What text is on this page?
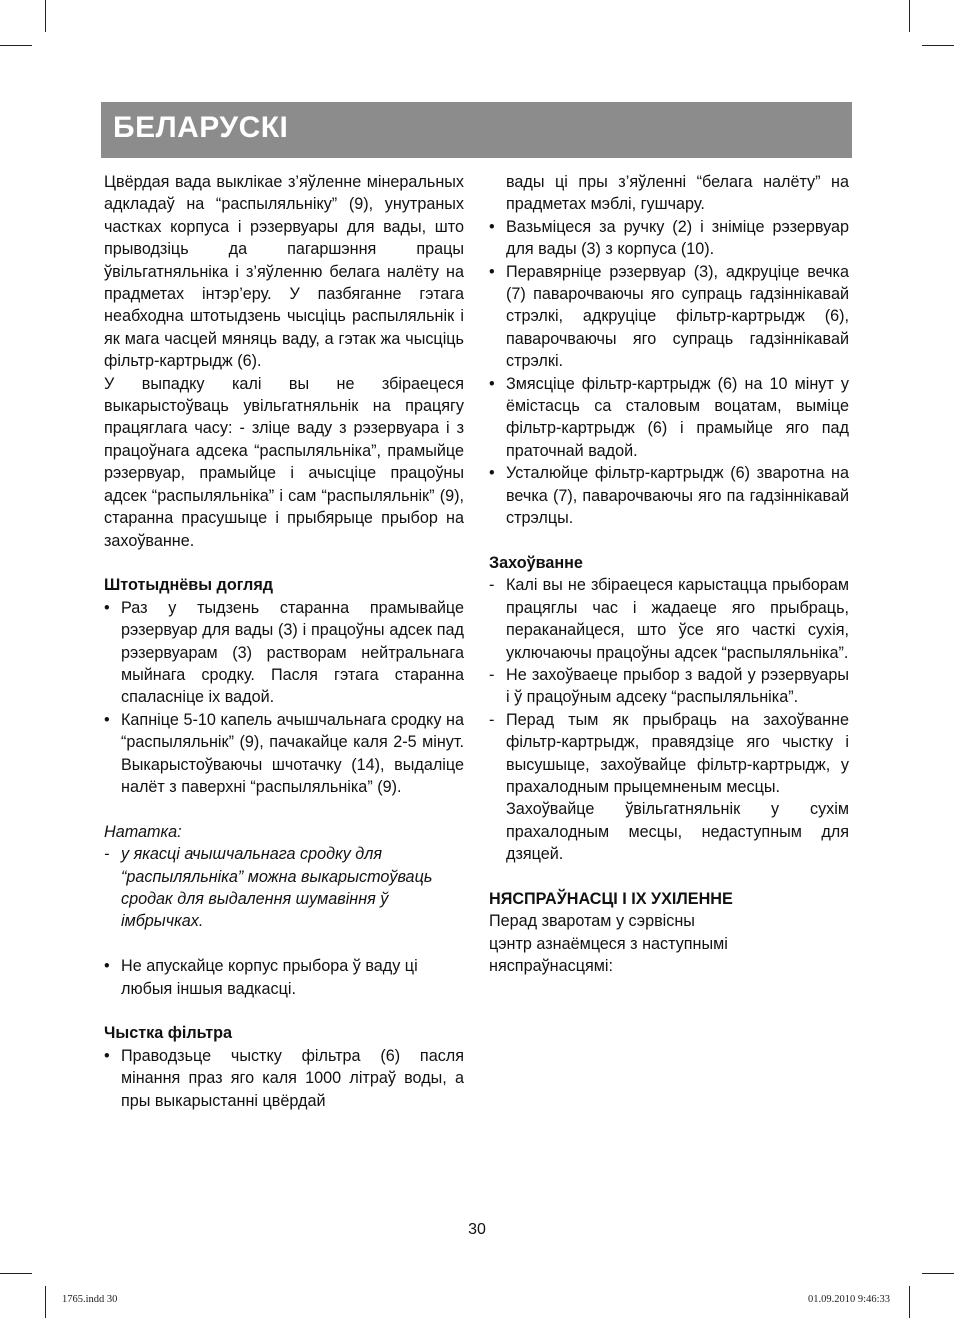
БЕЛАРУСКІ

Цвёрдая вада выклікае з’яўленне мінеральных адкладаў на “распыляльніку” (9), унутраных частках корпуса і рэзервуары для вады, што прыводзіць да пагаршэння працы ўвільгатняльніка і з’яўленню белага налёту на прадметах інтэр’еру. У пазбяганне гэтага неабходна штотыдзень чысціць распыляльнік і як мага часцей мяняць ваду, а гэтак жа чысціць фільтр-картрыдж (6).

У выпадку калі вы не збіраецеся выкарыстоўваць увільгатняльнік на працягу працяглага часу: - зліце ваду з рэзервуара і з працоўнага адсека “распыляльніка”, прамыйце рэзервуар, прамыйце і ачысціце працоўны адсек “распыляльніка” і сам “распыляльнік” (9), старанна прасушыце і прыбярыце прыбор на захоўванне.

Штотыднёвы догляд
• Раз у тыдзень старанна прамывайце рэзервуар для вады (3) і працоўны адсек пад рэзервуарам (3) растворам нейтральнага мыйнага сродку. Пасля гэтага старанна спаласніце іх вадой.
• Капніце 5-10 капель ачышчальнага сродку на “распыляльнік” (9), пачакайце каля 2-5 мінут. Выкарыстоўваючы шчотачку (14), выдаліце налёт з паверхні “распыляльніка” (9).

Нататка:

- у якасці ачышчальнага сродку для “распыляльніка” можна выкарыстоўваць сродак для выдалення шумавіння ў імбрычках.
• Не апускайце корпус прыбора ў ваду ці любыя іншыя вадкасці.
Чыстка фільтра
• Праводзьце чыстку фільтра (6) пасля мінання праз яго каля 1000 літраў воды, а пры выкарыстанні цвёрдай
вады ці пры з’яўленні “белага налёту” на прадметах мэблі, гушчару.
• Вазьміцеся за ручку (2) і зніміце рэзервуар для вады (3) з корпуса (10).
• Перавярніце рэзервуар (3), адкруціце вечка (7) паварочваючы яго супраць гадзіннікавай стрэлкі, адкруціце фільтр-картрыдж (6), паварочваючы яго супраць гадзіннікавай стрэлкі.
• Змясціце фільтр-картрыдж (6) на 10 мінут у ёмістасць са сталовым воцатам, выміце фільтр-картрыдж (6) і прамыйце яго пад праточнай вадой.
• Усталюйце фільтр-картрыдж (6) зваротна на вечка (7), паварочваючы яго па гадзіннікавай стрэлцы.
Захоўванне
- Калі вы не збіраецеся карыстацца прыборам працяглы час і жадаеце яго прыбраць, пераканайцеся, што ўсе яго часткі сухія, уключаючы працоўны адсек “распыляльніка”.
- Не захоўваеце прыбор з вадой у рэзервуары і ў працоўным адсеку “распыляльніка”.
- Перад тым як прыбраць на захоўванне фільтр-картрыдж, правядзіце яго чыстку і высушыце, захоўвайце фільтр-картрыдж, у прахалодным прыцемненым месцы.
Захоўвайце ўвільгатняльнік у сухім прахалодным месцы, недаступным для дзяцей.
НЯСПРАЎНАСЦІ І ІХ УХІЛЕННЕ

Перад зваротам у сэрвісны

цэнтр азнаёмцеся з наступнымі

няспраўнасцямі:

30
1765.indd 30	01.09.2010 9:46:33
